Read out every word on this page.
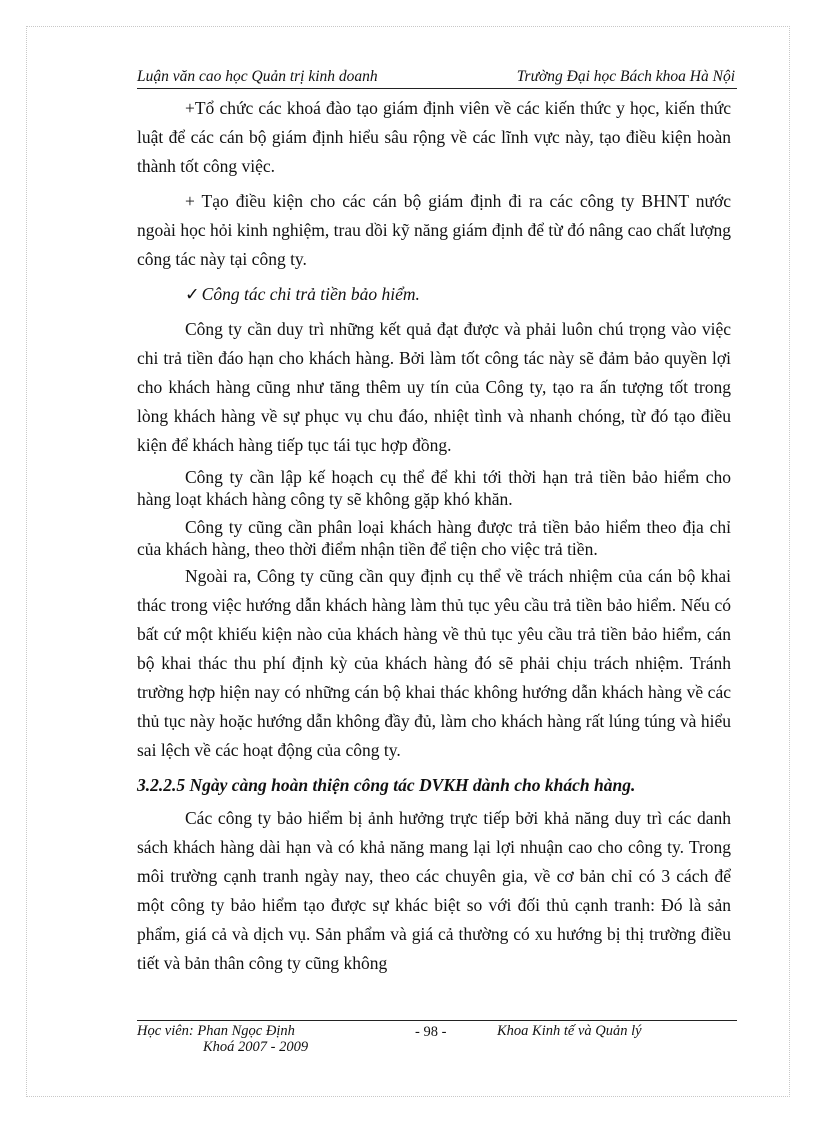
Luận văn cao học Quản trị kinh doanh	Trường Đại học Bách khoa Hà Nội

+Tổ chức các khoá đào tạo giám định viên về các kiến thức y học, kiến thức luật để các cán bộ giám định hiểu sâu rộng về các lĩnh vực này, tạo điều kiện hoàn thành tốt công việc.

+ Tạo điều kiện cho các cán bộ giám định đi ra các công ty BHNT nước ngoài học hỏi kinh nghiệm, trau dồi kỹ năng giám định để từ đó nâng cao chất lượng công tác này tại công ty.

✓ Công tác chi trả tiền bảo hiểm.

Công ty cần duy trì những kết quả đạt được và phải luôn chú trọng vào việc chi trả tiền đáo hạn cho khách hàng. Bởi làm tốt công tác này sẽ đảm bảo quyền lợi cho khách hàng cũng như tăng thêm uy tín của Công ty, tạo ra ấn tượng tốt trong lòng khách hàng về sự phục vụ chu đáo, nhiệt tình và nhanh chóng, từ đó tạo điều kiện để khách hàng tiếp tục tái tục hợp đồng.

Công ty cần lập kế hoạch cụ thể để khi tới thời hạn trả tiền bảo hiểm cho hàng loạt khách hàng công ty sẽ không gặp khó khăn.

Công ty cũng cần phân loại khách hàng được trả tiền bảo hiểm theo địa chỉ của khách hàng, theo thời điểm nhận tiền để tiện cho việc trả tiền.

Ngoài ra, Công ty cũng cần quy định cụ thể về trách nhiệm của cán bộ khai thác trong việc hướng dẫn khách hàng làm thủ tục yêu cầu trả tiền bảo hiểm. Nếu có bất cứ một khiếu kiện nào của khách hàng về thủ tục yêu cầu trả tiền bảo hiểm, cán bộ khai thác thu phí định kỳ của khách hàng đó sẽ phải chịu trách nhiệm. Tránh trường hợp hiện nay có những cán bộ khai thác không hướng dẫn khách hàng về các thủ tục này hoặc hướng dẫn không đầy đủ, làm cho khách hàng rất lúng túng và hiểu sai lệch về các hoạt động của công ty.

3.2.2.5 Ngày càng hoàn thiện công tác DVKH dành cho khách hàng.

Các công ty bảo hiểm bị ảnh hưởng trực tiếp bởi khả năng duy trì các danh sách khách hàng dài hạn và có khả năng mang lại lợi nhuận cao cho công ty. Trong môi trường cạnh tranh ngày nay, theo các chuyên gia, về cơ bản chỉ có 3 cách để một công ty bảo hiểm tạo được sự khác biệt so với đối thủ cạnh tranh: Đó là sản phẩm, giá cả và dịch vụ. Sản phẩm và giá cả thường có xu hướng bị thị trường điều tiết và bản thân công ty cũng không

Học viên: Phan Ngọc Định
Khoá 2007 - 2009
- 98 -	Khoa Kinh tế và Quản lý
